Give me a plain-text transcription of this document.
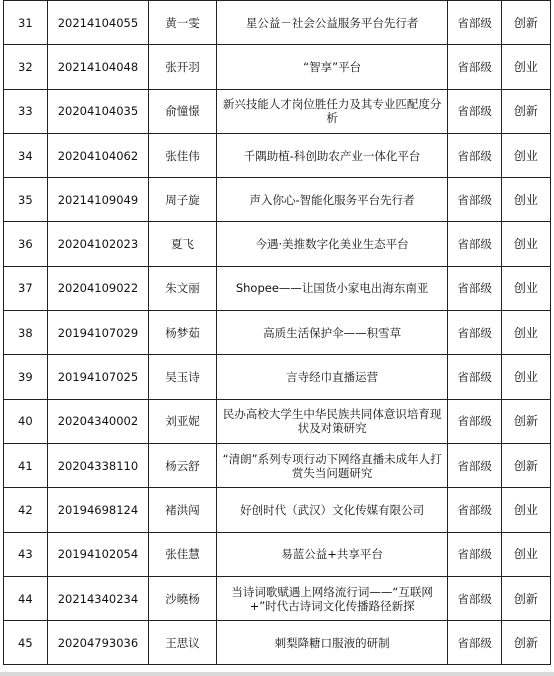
31	20214104055	黄一雯	星公益－社会公益服务平台先行者	省部级	创新
32	20214104048	张开羽	“智享”平台	省部级	创业
33	20204104035	俞憧憬	新兴技能人才岗位胜任力及其专业匹配度分析	省部级	创新
34	20204104062	张佳伟	千隅助植-科创助农产业一体化平台	省部级	创业
35	20214109049	周子旋	声入你心-智能化服务平台先行者	省部级	创业
36	20204102023	夏飞	今遇·美推数字化美业生态平台	省部级	创业
37	20204109022	朱文丽	Shopee——让国货小家电出海东南亚	省部级	创业
38	20194107029	杨梦茹	高质生活保护伞——积雪草	省部级	创业
39	20194107025	吴玉诗	言寺经巾直播运营	省部级	创业
40	20204340002	刘亚妮	民办高校大学生中华民族共同体意识培育现状及对策研究	省部级	创新
41	20204338110	杨云舒	“清朗”系列专项行动下网络直播未成年人打赏失当问题研究	省部级	创新
42	20194698124	褚洪闯	好创时代（武汉）文化传媒有限公司	省部级	创业
43	20194102054	张佳慧	易蓝公益+共享平台	省部级	创业
44	20214340234	沙曉杨	当诗词歌赋遇上网络流行词——“互联网+”时代古诗词文化传播路径新探	省部级	创新
45	20204793036	王思议	刺梨降糖口服液的研制	省部级	创新
